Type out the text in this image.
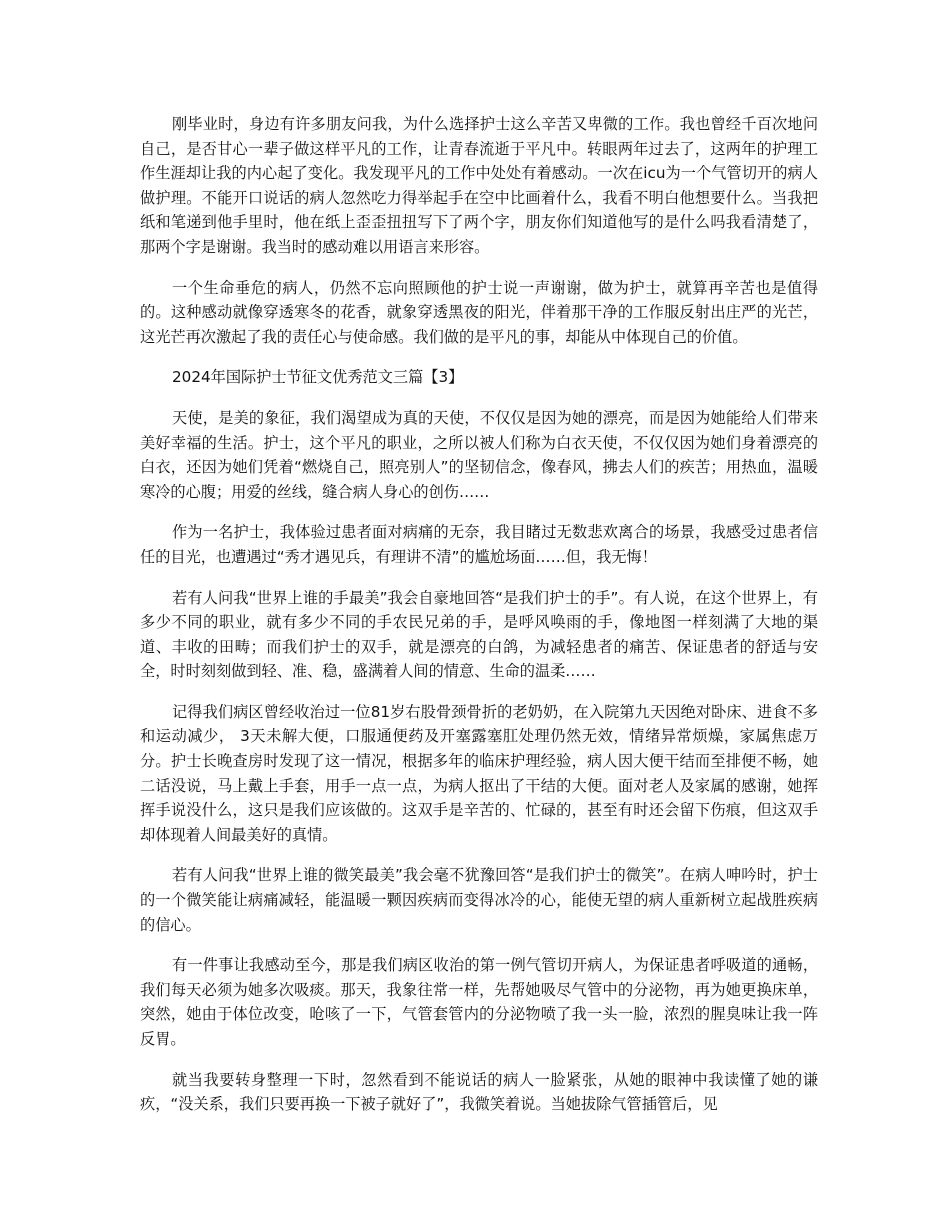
刚毕业时，身边有许多朋友问我，为什么选择护士这么辛苦又卑微的工作。我也曾经千百次地问自己，是否甘心一辈子做这样平凡的工作，让青春流逝于平凡中。转眼两年过去了，这两年的护理工作生涯却让我的内心起了变化。我发现平凡的工作中处处有着感动。一次在icu为一个气管切开的病人做护理。不能开口说话的病人忽然吃力得举起手在空中比画着什么，我看不明白他想要什么。当我把纸和笔递到他手里时，他在纸上歪歪扭扭写下了两个字，朋友你们知道他写的是什么吗我看清楚了，那两个字是谢谢。我当时的感动难以用语言来形容。

一个生命垂危的病人，仍然不忘向照顾他的护士说一声谢谢，做为护士，就算再辛苦也是值得的。这种感动就像穿透寒冬的花香，就象穿透黑夜的阳光，伴着那干净的工作服反射出庄严的光芒，这光芒再次激起了我的责任心与使命感。我们做的是平凡的事，却能从中体现自己的价值。

2024年国际护士节征文优秀范文三篇【3】

天使，是美的象征，我们渴望成为真的天使，不仅仅是因为她的漂亮，而是因为她能给人们带来美好幸福的生活。护士，这个平凡的职业，之所以被人们称为白衣天使，不仅仅因为她们身着漂亮的白衣，还因为她们凭着“燃烧自己，照亮别人”的坚韧信念，像春风，拂去人们的疾苦；用热血，温暖寒冷的心腹；用爱的丝线，缝合病人身心的创伤……

作为一名护士，我体验过患者面对病痛的无奈，我目睹过无数悲欢离合的场景，我感受过患者信任的目光，也遭遇过“秀才遇见兵，有理讲不清”的尴尬场面……但，我无悔！

若有人问我“世界上谁的手最美”我会自豪地回答“是我们护士的手”。有人说，在这个世界上，有多少不同的职业，就有多少不同的手农民兄弟的手，是呼风唤雨的手，像地图一样刻满了大地的渠道、丰收的田畴；而我们护士的双手，就是漂亮的白鸽，为减轻患者的痛苦、保证患者的舒适与安全，时时刻刻做到轻、准、稳，盛满着人间的情意、生命的温柔……

记得我们病区曾经收治过一位81岁右股骨颈骨折的老奶奶，在入院第九天因绝对卧床、进食不多和运动减少， 3天未解大便，口服通便药及开塞露塞肛处理仍然无效，情绪异常烦燥，家属焦虑万分。护士长晚查房时发现了这一情况，根据多年的临床护理经验，病人因大便干结而至排便不畅，她二话没说，马上戴上手套，用手一点一点，为病人抠出了干结的大便。面对老人及家属的感谢，她挥挥手说没什么，这只是我们应该做的。这双手是辛苦的、忙碌的，甚至有时还会留下伤痕，但这双手却体现着人间最美好的真情。

若有人问我“世界上谁的微笑最美”我会毫不犹豫回答“是我们护士的微笑”。在病人呻吟时，护士的一个微笑能让病痛减轻，能温暖一颗因疾病而变得冰冷的心，能使无望的病人重新树立起战胜疾病的信心。

有一件事让我感动至今，那是我们病区收治的第一例气管切开病人，为保证患者呼吸道的通畅，我们每天必须为她多次吸痰。那天，我象往常一样，先帮她吸尽气管中的分泌物，再为她更换床单，突然，她由于体位改变，呛咳了一下，气管套管内的分泌物喷了我一头一脸，浓烈的腥臭味让我一阵反胃。

就当我要转身整理一下时，忽然看到不能说话的病人一脸紧张，从她的眼神中我读懂了她的谦疚，“没关系，我们只要再换一下被子就好了”，我微笑着说。当她拔除气管插管后，见
